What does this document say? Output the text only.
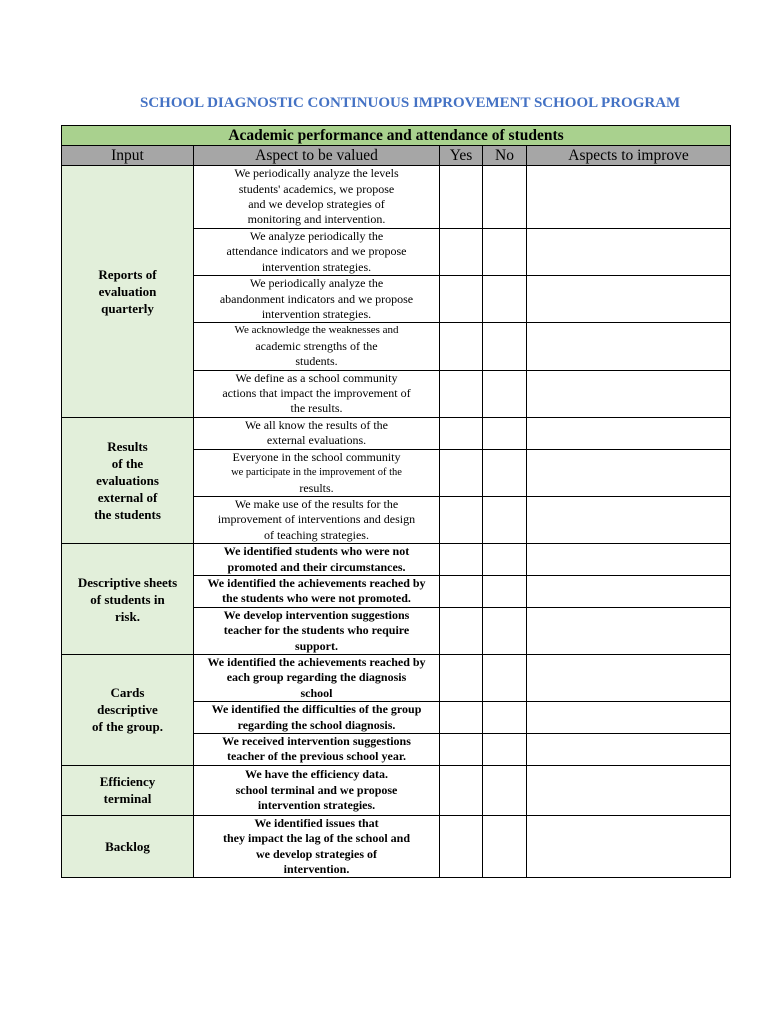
SCHOOL DIAGNOSTIC CONTINUOUS IMPROVEMENT SCHOOL PROGRAM
Academic performance and attendance of students				
Input	Aspect to be valued	Yes	No	Aspects to improve

Reports of
evaluation
quarterly	We periodically analyze the levels
students' academics, we propose
and we develop strategies of
monitoring and intervention.			

	We analyze periodically the
attendance indicators and we propose
intervention strategies.			

	We periodically analyze the
abandonment indicators and we propose
intervention strategies.			

	We acknowledge the weaknesses and
academic strengths of the
students.			

	We define as a school community
actions that impact the improvement of
the results.			

Results
of the
evaluations
external of
the students	We all know the results of the
external evaluations.			

	Everyone in the school community
we participate in the improvement of the
results.			

	We make use of the results for the
improvement of interventions and design
of teaching strategies.			

Descriptive sheets
of students in
risk.	We identified students who were not
promoted and their circumstances.			

	We identified the achievements reached by
the students who were not promoted.			

	We develop intervention suggestions
teacher for the students who require
support.			

Cards
descriptive
of the group.	We identified the achievements reached by
each group regarding the diagnosis
school			

	We identified the difficulties of the group
regarding the school diagnosis.			

	We received intervention suggestions
teacher of the previous school year.			

Efficiency
terminal	We have the efficiency data.
school terminal and we propose
intervention strategies.			

Backlog	We identified issues that
they impact the lag of the school and
we develop strategies of
intervention.			
